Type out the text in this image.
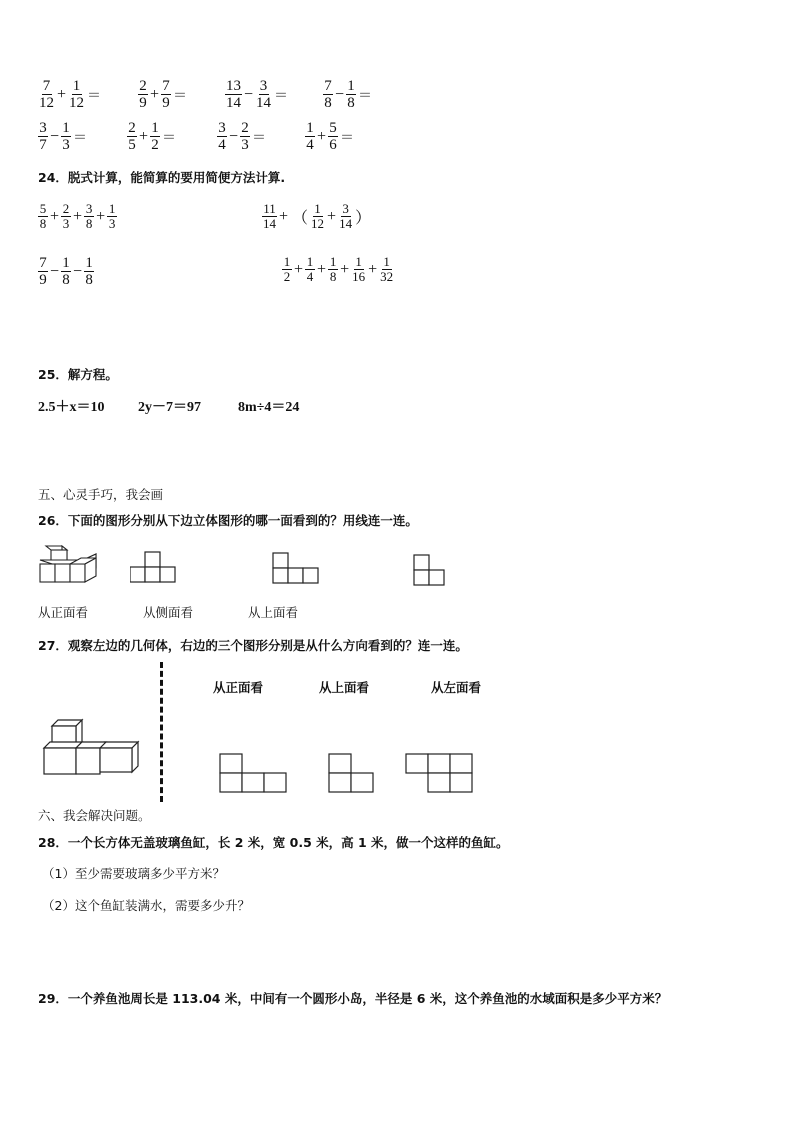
$\frac{7}{12} + \frac{1}{12} = \frac{2}{9} + \frac{7}{9}$ ＝	$\frac{13}{14} - \frac{3}{14} = \frac{7}{8} - \frac{1}{8}$ ＝
$\frac{3}{7} - \frac{1}{3}$ ＝	$\frac{2}{5} + \frac{1}{2}$ ＝	$\frac{3}{4} - \frac{2}{3}$ ＝	$\frac{1}{4} + \frac{5}{6}$ ＝
24．脱式计算，能简算的要用简便方法计算.
$\frac{5}{8} + \frac{2}{3} + \frac{3}{8} + \frac{1}{3}$	$\frac{11}{14}$ + （ $\frac{1}{12} + \frac{3}{14}$ ）
$\frac{7}{9} - \frac{1}{8} - \frac{1}{8}$	$\frac{1}{2} + \frac{1}{4} + \frac{1}{8} + \frac{1}{16} + \frac{1}{32}$
25．解方程。
2.5＋x＝10 2y－7＝97	8m÷4＝24
五、心灵手巧，我会画
26．下面的图形分别从下边立体图形的哪一面看到的？用线连一连。
从正面看	从侧面看	从上面看
27．观察左边的几何体，右边的三个图形分别是从什么方向看到的？连一连。
从正面看	从上面看	从左面看
六、我会解决问题。
28．一个长方体无盖玻璃鱼缸，长 2 米，宽 0.5 米，高 1 米，做一个这样的鱼缸。
（1）至少需要玻璃多少平方米？
（2）这个鱼缸装满水，需要多少升？
29．一个养鱼池周长是 113.04 米，中间有一个圆形小岛，半径是 6 米，这个养鱼池的水域面积是多少平方米？
